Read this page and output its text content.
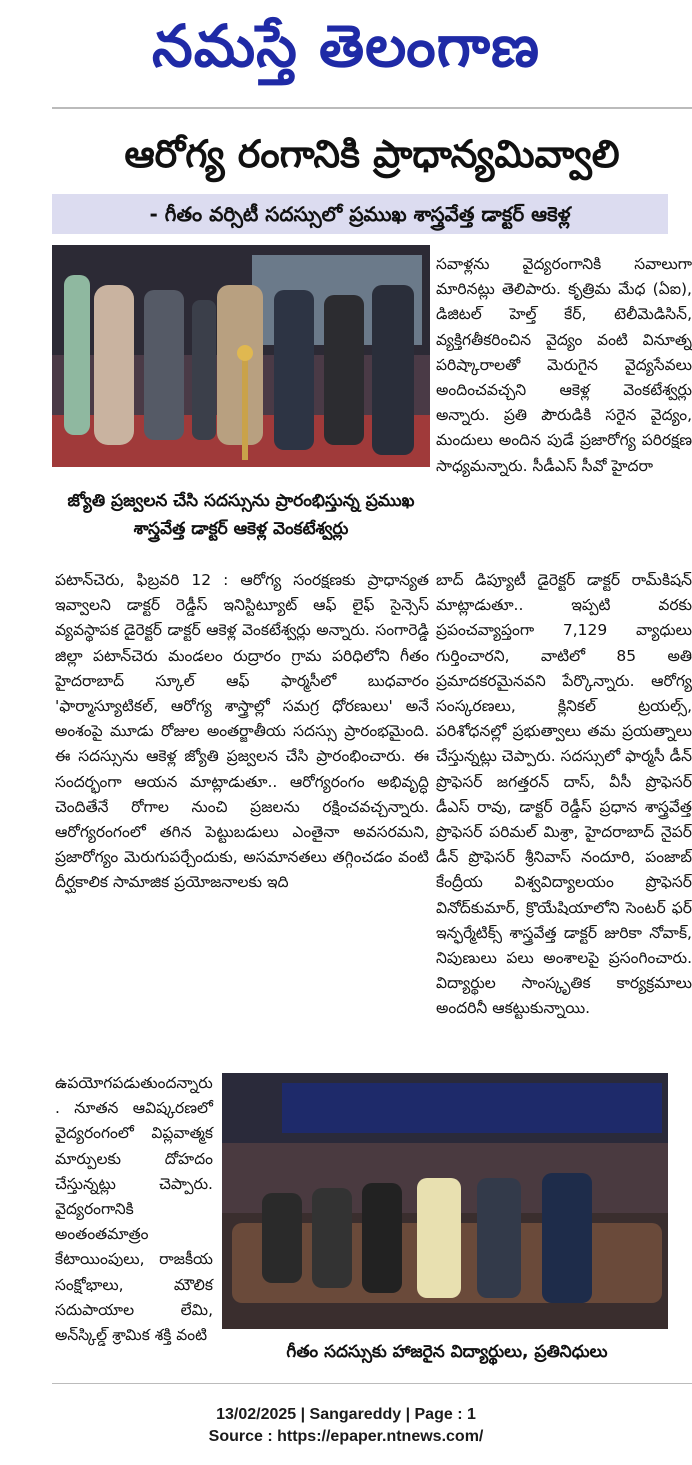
నమస్తే తెలంగాణ
ఆరోగ్య రంగానికి ప్రాధాన్యమివ్వాలి
- గీతం వర్సిటీ సదస్సులో ప్రముఖ శాస్త్రవేత్త డాక్టర్ ఆకెళ్ల
జ్యోతి ప్రజ్వలన చేసి సదస్సును ప్రారంభిస్తున్న ప్రముఖ శాస్త్రవేత్త డాక్టర్ ఆకెళ్ల వెంకటేశ్వర్లు
సవాళ్లను వైద్యరంగానికి సవాలుగా మారినట్లు తెలిపారు. కృత్రిమ మేధ (ఏఐ), డిజిటల్ హెల్త్ కేర్, టెలీమెడిసిన్, వ్యక్తిగతీకరించిన వైద్యం వంటి వినూత్న పరిష్కారాలతో మెరుగైన వైద్యసేవలు అందించవచ్చని ఆకెళ్ల వెంకటేశ్వర్లు అన్నారు. ప్రతి పౌరుడికి సరైన వైద్యం, మందులు అందిన పుడే ప్రజారోగ్య పరిరక్షణ సాధ్యమన్నారు. సీడీఎస్ సీవో హైదరా
పటాన్‌చెరు, ఫిబ్రవరి 12 : ఆరోగ్య సంరక్షణకు ప్రాధాన్యత ఇవ్వాలని డాక్టర్ రెడ్డీస్ ఇనిస్టిట్యూట్ ఆఫ్ లైఫ్ సైన్సెస్ వ్యవస్థాపక డైరెక్టర్ డాక్టర్ ఆకెళ్ల వెంకటేశ్వర్లు అన్నారు. సంగారెడ్డి జిల్లా పటాన్‌చెరు మండలం రుద్రారం గ్రామ పరిధిలోని గీతం హైదరాబాద్ స్కూల్ ఆఫ్ ఫార్మసీలో బుధవారం 'ఫార్మాస్యూటికల్, ఆరోగ్య శాస్త్రాల్లో సమగ్ర ధోరణులు' అనే అంశంపై మూడు రోజుల అంతర్జాతీయ సదస్సు ప్రారంభమైంది. ఈ సదస్సును ఆకెళ్ల జ్యోతి ప్రజ్వలన చేసి ప్రారంభించారు. ఈ సందర్భంగా ఆయన మాట్లాడుతూ.. ఆరోగ్యరంగం అభివృద్ధి చెందితేనే రోగాల నుంచి ప్రజలను రక్షించవచ్చన్నారు. ఆరోగ్యరంగంలో తగిన పెట్టుబడులు ఎంతైనా అవసరమని, ప్రజారోగ్యం మెరుగుపర్చేందుకు, అసమానతలు తగ్గించడం వంటి దీర్ఘకాలిక సామాజిక ప్రయోజనాలకు ఇది
బాద్ డిప్యూటీ డైరెక్టర్ డాక్టర్ రామ్‌కిషన్ మాట్లాడుతూ.. ఇప్పటి వరకు ప్రపంచవ్యాప్తంగా 7,129 వ్యాధులు గుర్తించారని, వాటిలో 85 అతి ప్రమాదకరమైనవని పేర్కొన్నారు. ఆరోగ్య సంస్కరణలు, క్లినికల్ ట్రయల్స్, పరిశోధనల్లో ప్రభుత్వాలు తమ ప్రయత్నాలు చేస్తున్నట్లు చెప్పారు. సదస్సులో ఫార్మసీ డీన్ ప్రొఫెసర్ జగత్తరన్ దాస్, వీసీ ప్రొఫెసర్ డీఎస్ రావు, డాక్టర్ రెడ్డీస్ ప్రధాన శాస్త్రవేత్త ప్రొఫెసర్ పరిమల్ మిశ్రా, హైదరాబాద్ నైపర్ డీన్ ప్రొఫెసర్ శ్రీనివాస్ నందూరి, పంజాబ్ కేంద్రీయ విశ్వవిద్యాలయం ప్రొఫెసర్ వినోద్‌కుమార్, క్రొయేషియాలోని సెంటర్ ఫర్ ఇన్ఫర్మేటిక్స్ శాస్త్రవేత్త డాక్టర్ జురికా నోవాక్, నిపుణులు పలు అంశాలపై ప్రసంగించారు. విద్యార్థుల సాంస్కృతిక కార్యక్రమాలు అందరినీ ఆకట్టుకున్నాయి.
ఉపయోగపడుతుందన్నారు. నూతన ఆవిష్కరణలో వైద్యరంగంలో విప్లవాత్మక మార్పులకు దోహదం చేస్తున్నట్లు చెప్పారు. వైద్యరంగానికి అంతంతమాత్రం కేటాయింపులు, రాజకీయ సంక్షోభాలు, మౌలిక సదుపాయాల లేమి, అన్‌స్కిల్డ్ శ్రామిక శక్తి వంటి
గీతం సదస్సుకు హాజరైన విద్యార్థులు, ప్రతినిధులు
13/02/2025 | Sangareddy | Page : 1
Source : https://epaper.ntnews.com/
